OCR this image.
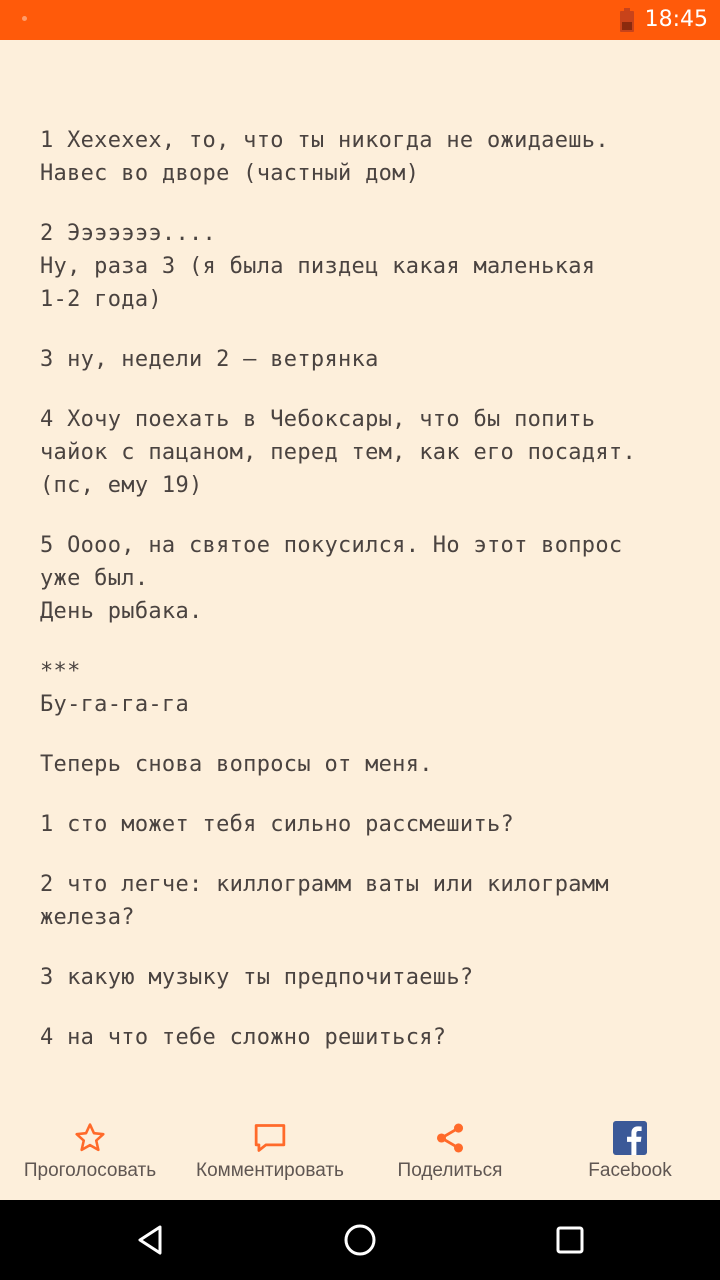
18:45
1 Хехехех, то, что ты никогда не ожидаешь.
Навес во дворе (частный дом)
2 Эээээээ....
Ну, раза 3 (я была пиздец какая маленькая
1-2 года)
3 ну, недели 2 — ветрянка
4 Хочу поехать в Чебоксары, что бы попить
чайок с пацаном, перед тем, как его посадят.
(пс, ему 19)
5 Оооо, на святое покусился. Но этот вопрос
уже был.
День рыбака.
***
Бу-га-га-га
Теперь снова вопросы от меня.
1 сто может тебя сильно рассмешить?
2 что легче: киллограмм ваты или килограмм
железа?
3 какую музыку ты предпочитаешь?
4 на что тебе сложно решиться?
Проголосовать	Комментировать	Поделиться	Facebook
